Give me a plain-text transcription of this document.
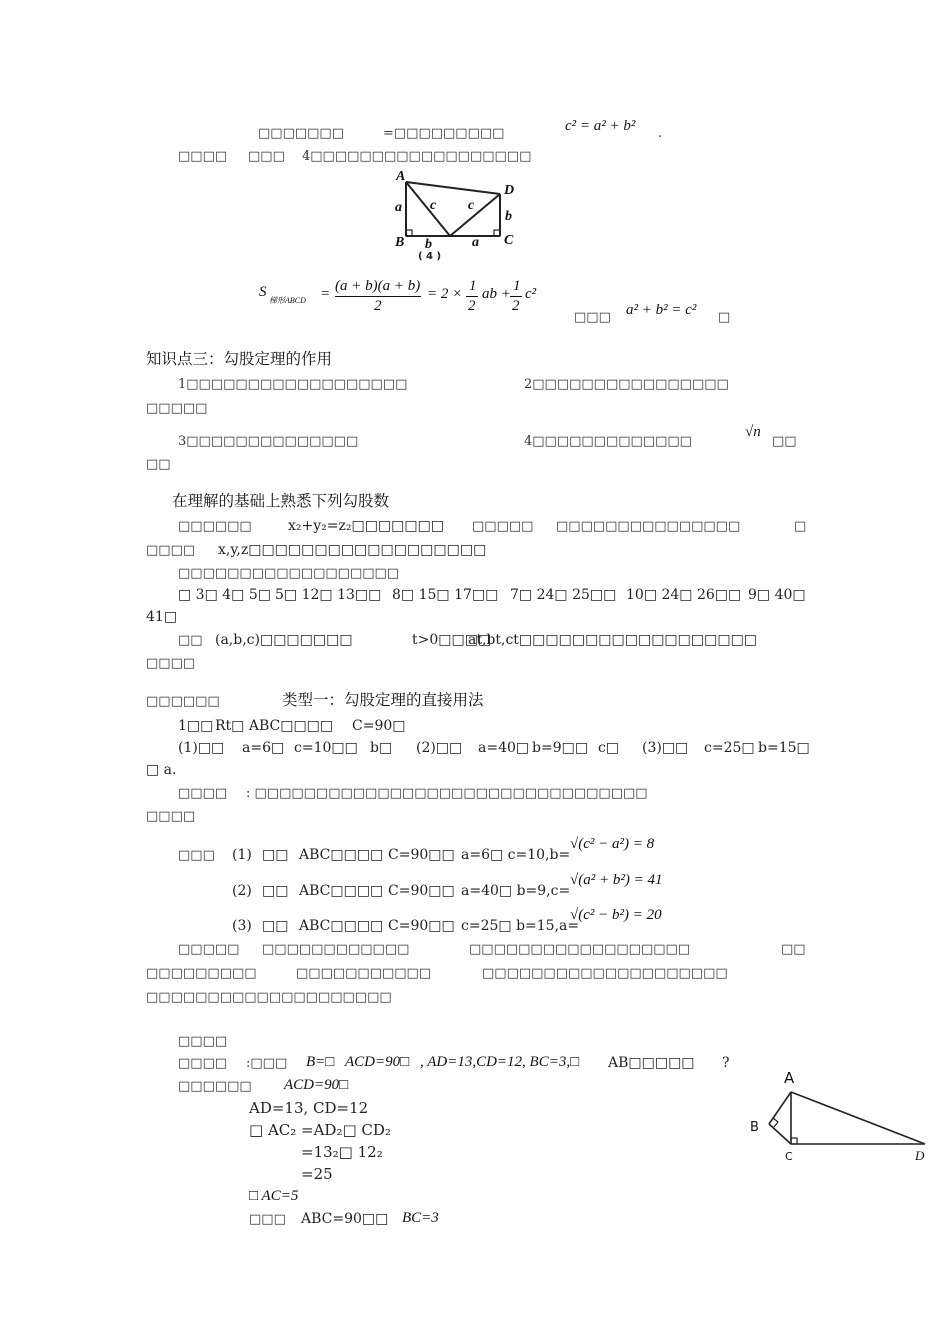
□□□□□□□	=□□□□□□□□□	c² = a² + b² .
□□□□ □□□ 4□□□□□□□□□□□□□□□□□□
A
D
a c c
b
B b	a C
( 4 )
S
梯形ABCD = (a + b)(a + b)
2
= 2 × 1
2
ab + 1
2
c²
□□□ a² + b² = c² □
知识点三：勾股定理的作用
1□□□□□□□□□□□□□□□□□□	2□□□□□□□□□□□□□□□□
□□□□□
3□□□□□□□□□□□□□□	4□□□□□□□□□□□□□
√n
□□
□□
在理解的基础上熟悉下列勾股数
□□□□□□	x₂+y₂=z₂□□□□□□□ □□□□□ □□□□□□□□□□□□□□□	□
□□□□ x,y,z□□□□□□□□□□□□□□□□□□
□□□□□□□□□□□□□□□□□□
□ 3□ 4□ 5□ 5□ 12□ 13□□ 8□ 15□ 17□□ 7□ 24□ 25□□ 10□ 24□ 26□□ 9□ 40□
41□
□□ (a,b,c)□□□□□□□	t>0□□□□
at,bt,ct□□□□□□□□□□□□□□□□□□
□□□□
□□□□□□	类型一：勾股定理的直接用法
1□□ Rt□ ABC□□□□ C=90□
(1)□□ a=6□ c=10□□ b□ (2)□□ a=40□ b=9□□ c□ (3)□□ c=25□ b=15□
□ a.
□□□□ : □□□□□□□□□□□□□□□□□□□□□□□□□□□□□□□□
□□□□
□□□ (1) □□ ABC□□□□ C=90□□ a=6□ c=10,b=
√(c² − a²) = 8
(2) □□ ABC□□□□ C=90□□ a=40□ b=9,c=
√(a² + b²) = 41
(3) □□ ABC□□□□ C=90□□ c=25□ b=15,a=
√(c² − b²) = 20
□□□□□ □□□□□□□□□□□□	□□□□□□□□□□□□□□□□□□	□□
□□□□□□□□□	□□□□□□□□□□□	□□□□□□□□□□□□□□□□□□□□
□□□□□□□□□□□□□□□□□□□□
□□□□
□□□□ :□□□ B=□ ACD=90□ , AD=13,CD=12, BC=3,□ AB□□□□□ ?
□□□□□□ ACD=90□
AD=13, CD=12
□ AC₂ =AD₂□ CD₂
=13₂□ 12₂
=25
□ AC=5
□□□ ABC=90□□ BC=3
A
B
C	D
